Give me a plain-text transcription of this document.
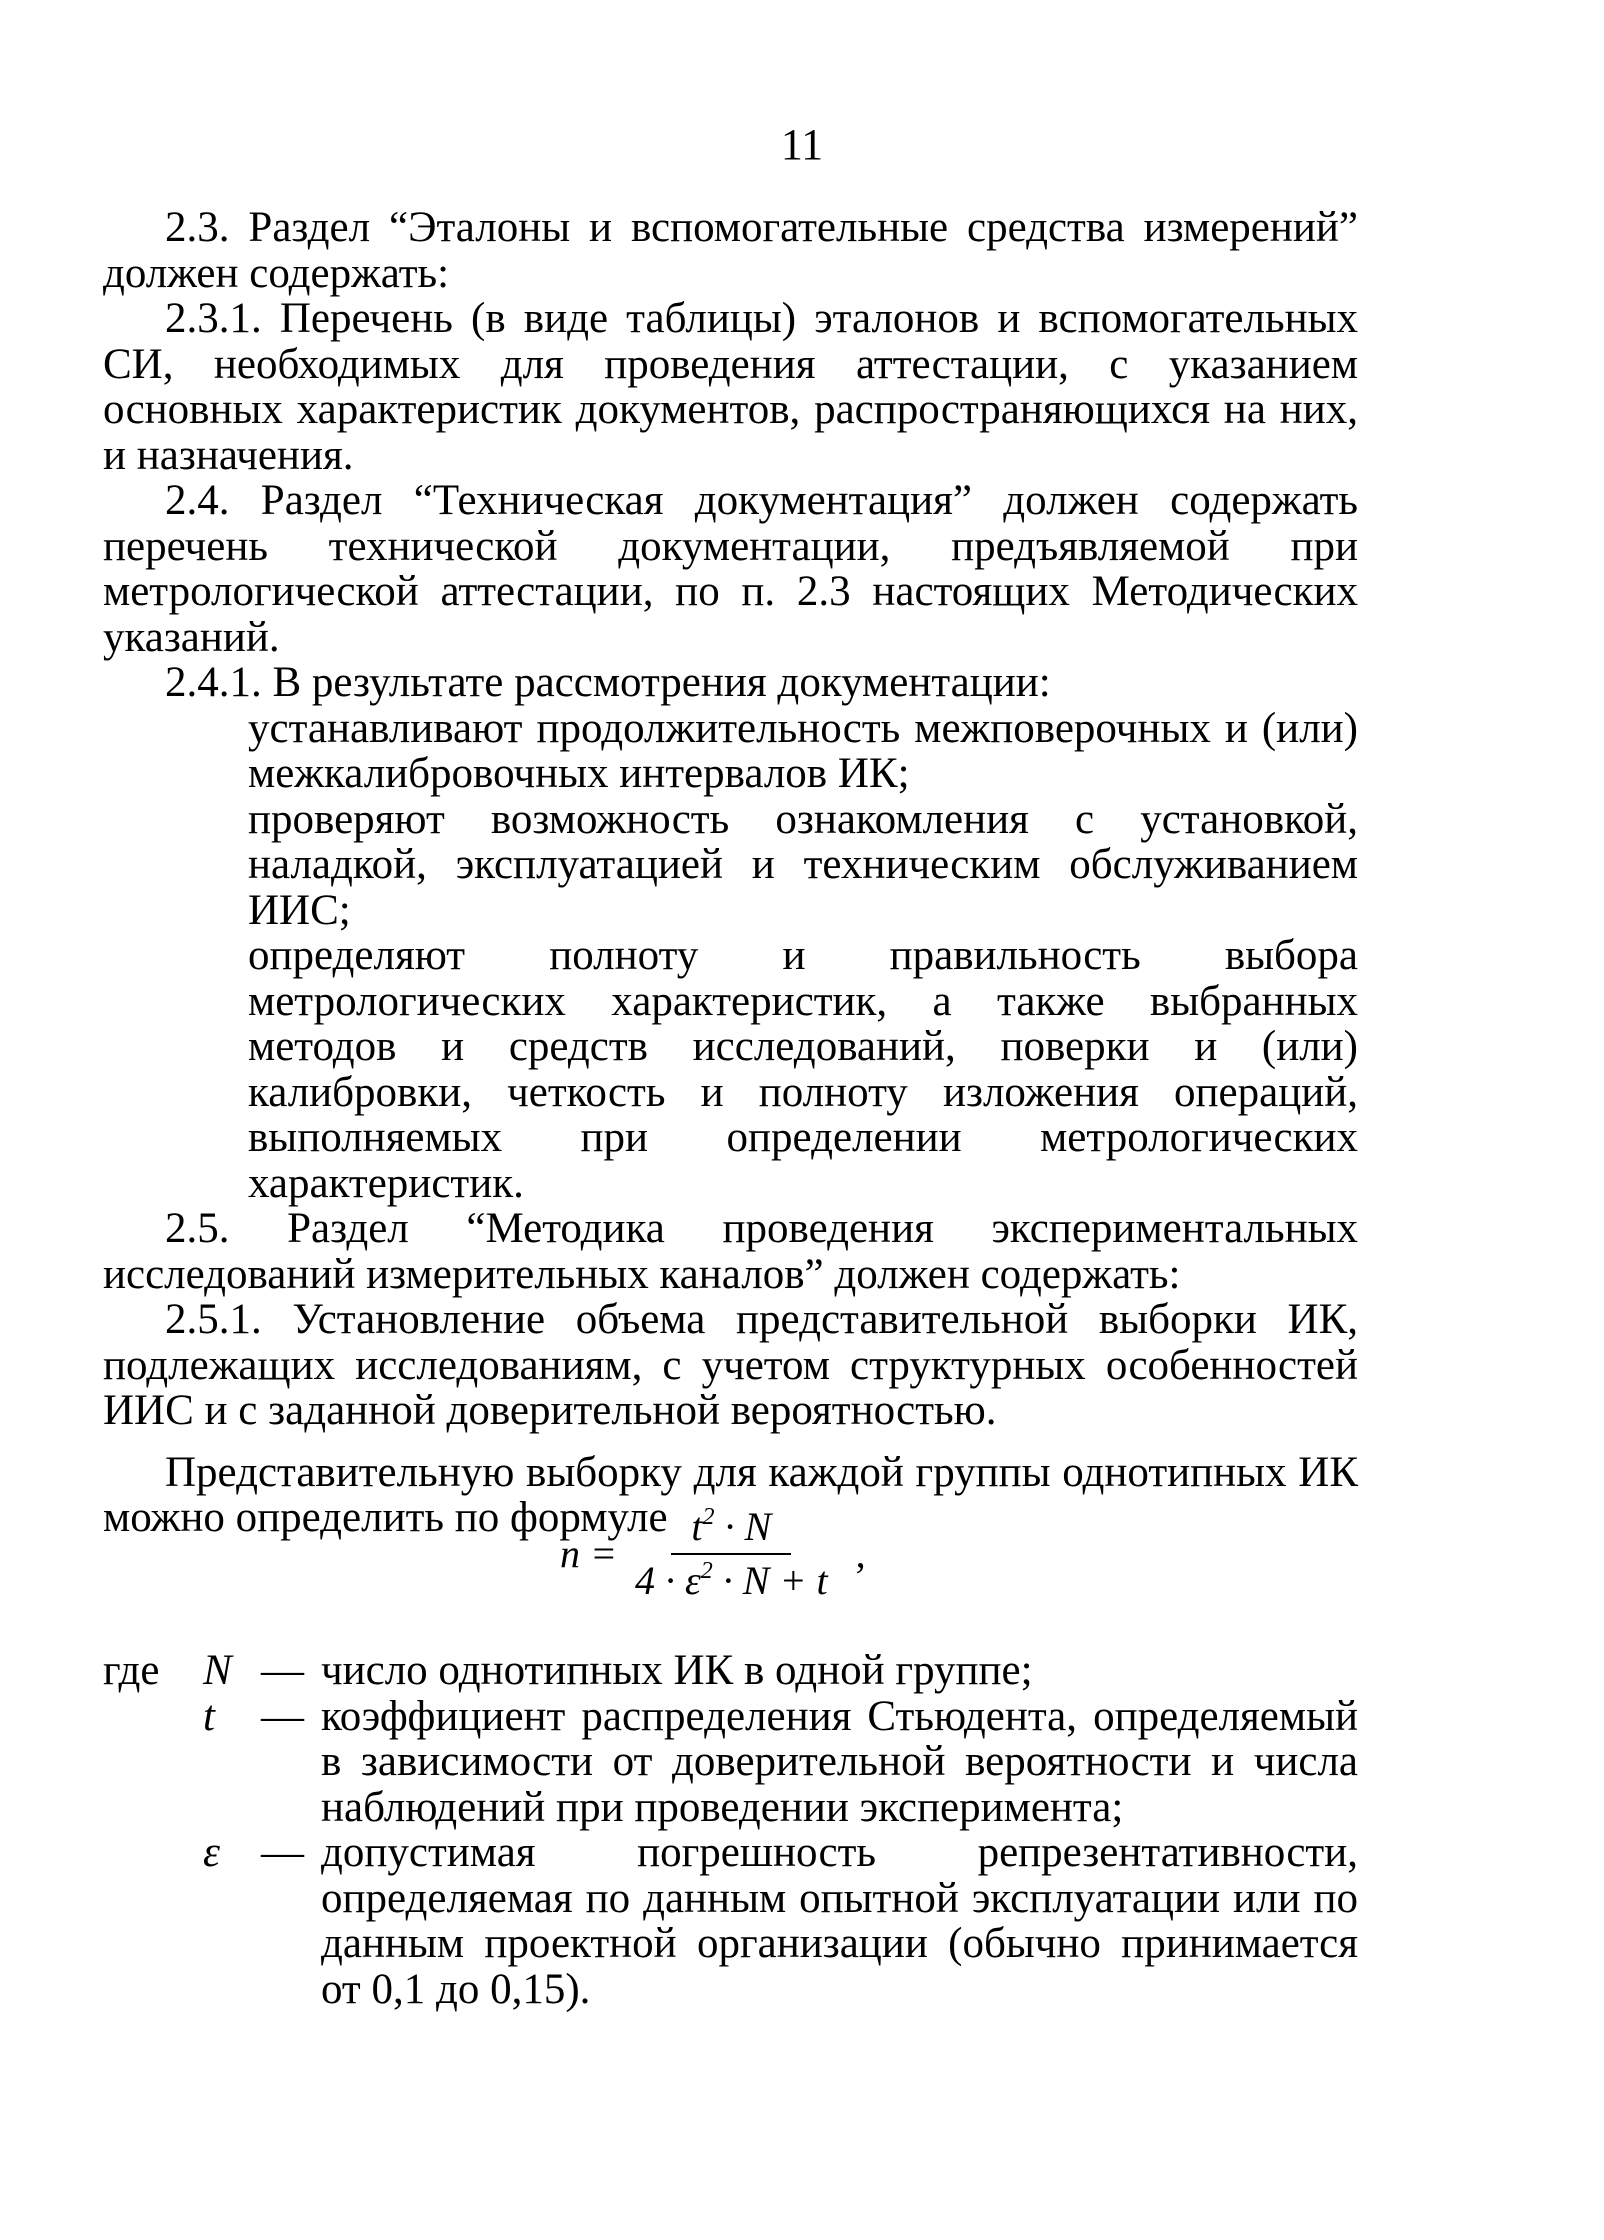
11

2.3. Раздел “Эталоны и вспомогательные средства измерений” должен содержать:

2.3.1. Перечень (в виде таблицы) эталонов и вспомогательных СИ, необходимых для проведения аттестации, с указанием основных характеристик документов, распространяющихся на них, и назначения.

2.4. Раздел “Техническая документация” должен содержать перечень технической документации, предъявляемой при метрологической аттестации, по п. 2.3 настоящих Методических указаний.

2.4.1. В результате рассмотрения документации:

устанавливают продолжительность межповерочных и (или) межкалибровочных интервалов ИК;

проверяют возможность ознакомления с установкой, наладкой, эксплуатацией и техническим обслуживанием ИИС;

определяют полноту и правильность выбора метрологических характеристик, а также выбранных методов и средств исследований, поверки и (или) калибровки, четкость и полноту изложения операций, выполняемых при определении метрологических характеристик.

2.5. Раздел “Методика проведения экспериментальных исследований измерительных каналов” должен содержать:

2.5.1. Установление объема представительной выборки ИК, подлежащих исследованиям, с учетом структурных особенностей ИИС и с заданной доверительной вероятностью.

Представительную выборку для каждой группы однотипных ИК можно определить по формуле

$n = \frac{t^2 \cdot N}{4 \cdot \varepsilon^2 \cdot N + t}$ ,
где	N — число однотипных ИК в одной группе;
t	— коэффициент распределения Стьюдента, определяемый в зависимости от доверительной вероятности и числа наблюдений при проведении эксперимента;
ε — допустимая погрешность репрезентативности, определяемая по данным опытной эксплуатации или по данным проектной организации (обычно принимается от 0,1 до 0,15).
